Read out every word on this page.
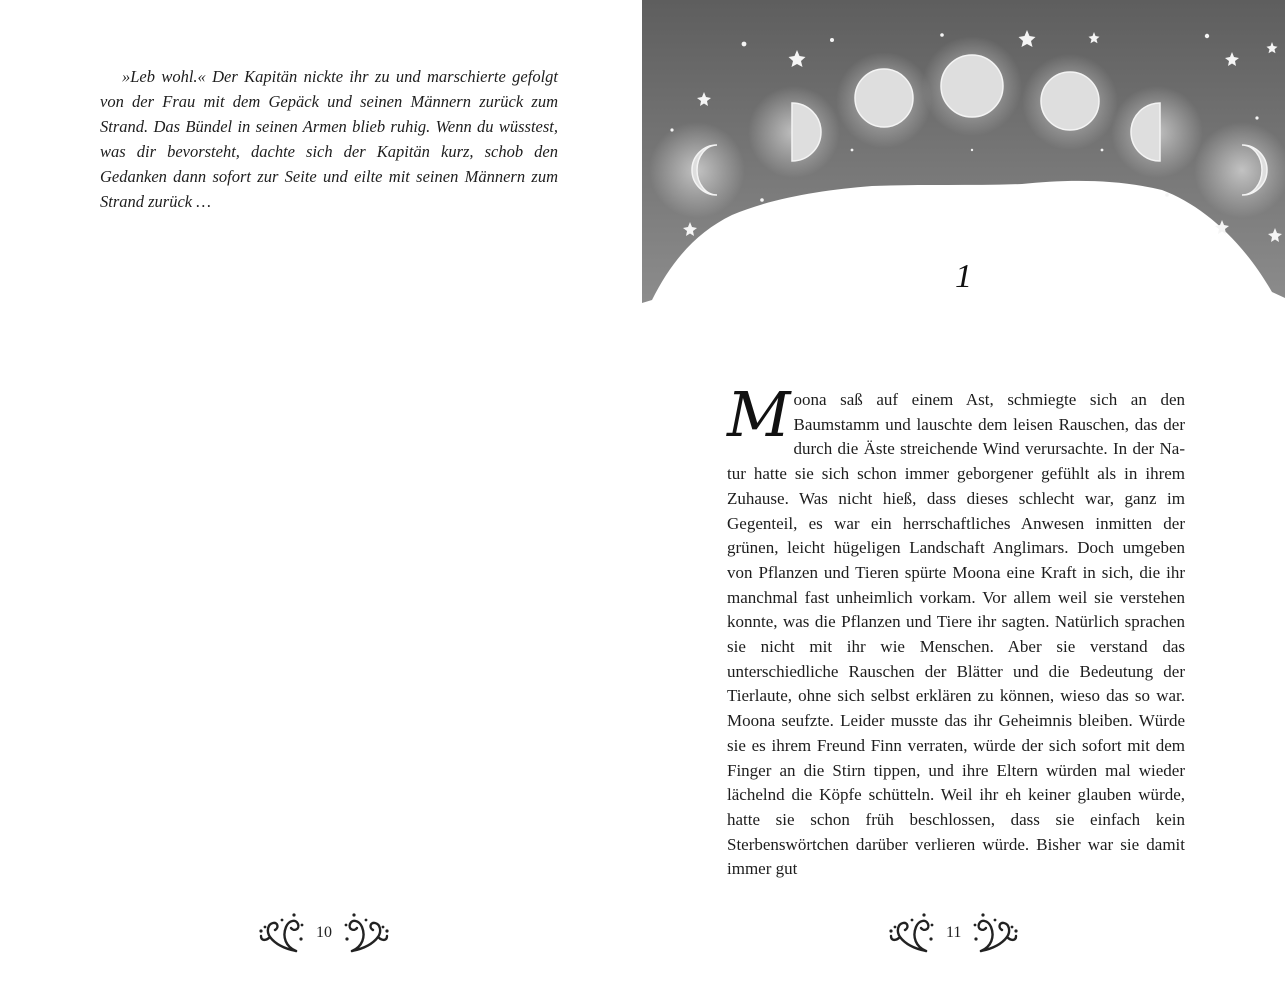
»Leb wohl.« Der Kapitän nickte ihr zu und marschierte gefolgt von der Frau mit dem Gepäck und seinen Männern zurück zum Strand. Das Bündel in seinen Armen blieb ruhig. Wenn du wüsstest, was dir bevorsteht, dachte sich der Kapitän kurz, schob den Gedanken dann sofort zur Seite und eilte mit seinen Männern zum Strand zurück …

10

1

Moona saß auf einem Ast, schmiegte sich an den Baumstamm und lauschte dem leisen Rauschen, das der durch die Äste streichende Wind verursachte. In der Natur hatte sie sich schon immer geborgener gefühlt als in ihrem Zuhause. Was nicht hieß, dass dieses schlecht war, ganz im Gegenteil, es war ein herrschaftliches Anwesen inmitten der grünen, leicht hügeligen Landschaft Anglimars. Doch umgeben von Pflanzen und Tieren spürte Moona eine Kraft in sich, die ihr manchmal fast unheimlich vorkam. Vor allem weil sie verstehen konnte, was die Pflanzen und Tiere ihr sagten. Natürlich sprachen sie nicht mit ihr wie Menschen. Aber sie verstand das unterschiedliche Rauschen der Blätter und die Bedeutung der Tierlaute, ohne sich selbst erklären zu können, wieso das so war. Moona seufzte. Leider musste das ihr Geheimnis bleiben. Würde sie es ihrem Freund Finn verraten, würde der sich sofort mit dem Finger an die Stirn tippen, und ihre Eltern würden mal wieder lächelnd die Köpfe schütteln. Weil ihr eh keiner glauben würde, hatte sie schon früh beschlossen, dass sie einfach kein Sterbenswörtchen darüber verlieren würde. Bisher war sie damit immer gut

11
